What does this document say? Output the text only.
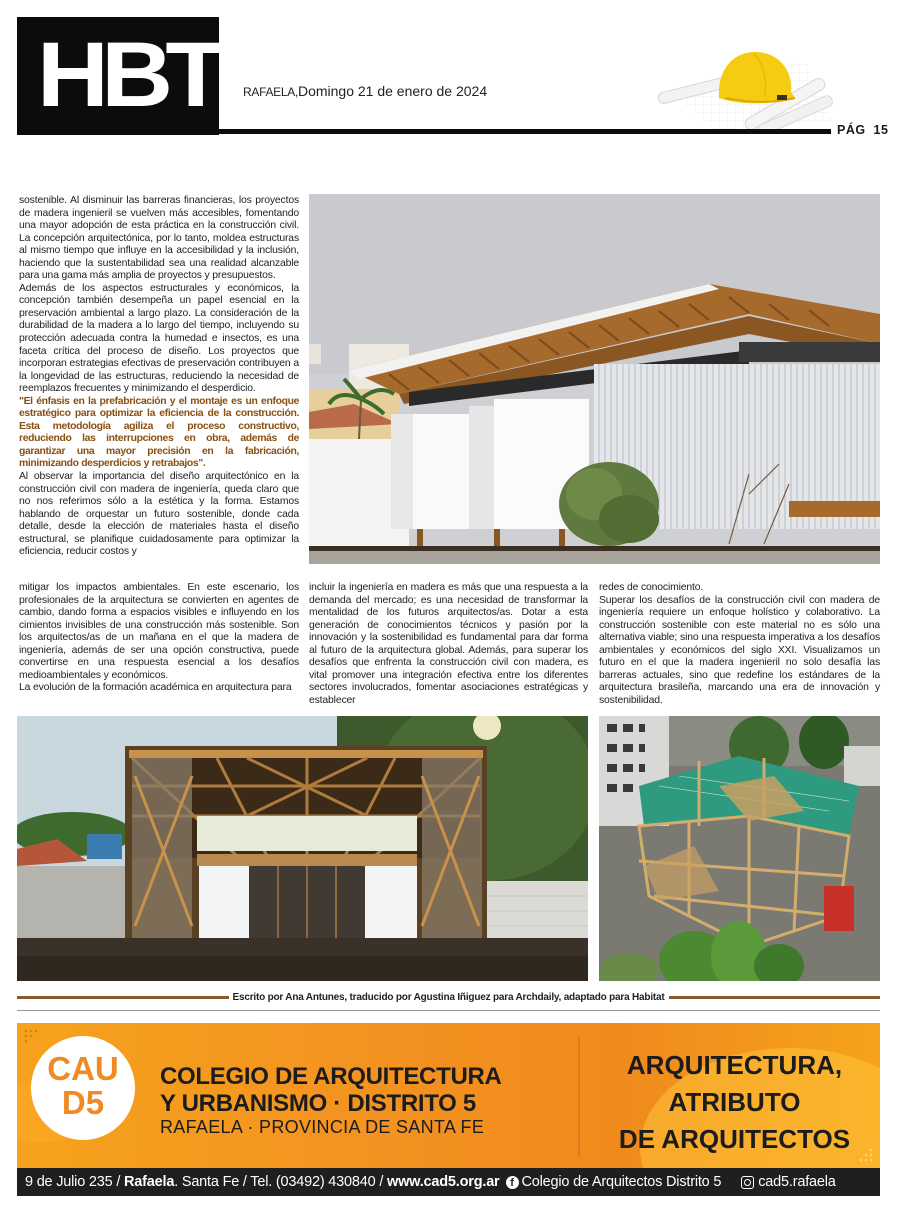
HBT RAFAELA,Domingo 21 de enero de 2024
PÁG 15

sostenible. Al disminuir las barreras financieras, los proyectos de madera ingenieril se vuelven más accesibles, fomentando una mayor adopción de esta práctica en la construcción civil. La concepción arquitectónica, por lo tanto, moldea estructuras al mismo tiempo que influye en la accesibilidad y la inclusión, haciendo que la sustentabilidad sea una realidad alcanzable para una gama más amplia de proyectos y presupuestos.

Además de los aspectos estructurales y económicos, la concepción también desempeña un papel esencial en la preservación ambiental a largo plazo. La consideración de la durabilidad de la madera a lo largo del tiempo, incluyendo su protección adecuada contra la humedad e insectos, es una faceta crítica del proceso de diseño. Los proyectos que incorporan estrategias efectivas de preservación contribuyen a la longevidad de las estructuras, reduciendo la necesidad de reemplazos frecuentes y minimizando el desperdicio.

"El énfasis en la prefabricación y el montaje es un enfoque estratégico para optimizar la eficiencia de la construcción. Esta metodología agiliza el proceso constructivo, reduciendo las interrupciones en obra, además de garantizar una mayor precisión en la fabricación, minimizando desperdicios y retrabajos".

Al observar la importancia del diseño arquitectónico en la construcción civil con madera de ingeniería, queda claro que no nos referimos sólo a la estética y la forma. Estamos hablando de orquestar un futuro sostenible, donde cada detalle, desde la elección de materiales hasta el diseño estructural, se planifique cuidadosamente para optimizar la eficiencia, reducir costos y

mitigar los impactos ambientales. En este escenario, los profesionales de la arquitectura se convierten en agentes de cambio, dando forma a espacios visibles e influyendo en los cimientos invisibles de una construcción más sostenible. Son los arquitectos/as de un mañana en el que la madera de ingeniería, además de ser una opción constructiva, puede convertirse en una respuesta esencial a los desafíos medioambientales y económicos.

La evolución de la formación académica en arquitectura para

incluir la ingeniería en madera es más que una respuesta a la demanda del mercado; es una necesidad de transformar la mentalidad de los futuros arquitectos/as. Dotar a esta generación de conocimientos técnicos y pasión por la innovación y la sostenibilidad es fundamental para dar forma al futuro de la arquitectura global. Además, para superar los desafíos que enfrenta la construcción civil con madera, es vital promover una integración efectiva entre los diferentes sectores involucrados, fomentar asociaciones estratégicas y establecer

redes de conocimiento.

Superar los desafíos de la construcción civil con madera de ingeniería requiere un enfoque holístico y colaborativo. La construcción sostenible con este material no es sólo una alternativa viable; sino una respuesta imperativa a los desafíos ambientales y económicos del siglo XXI. Visualizamos un futuro en el que la madera ingenieril no solo desafía las barreras actuales, sino que redefine los estándares de la arquitectura brasileña, marcando una era de innovación y sostenibilidad.

Escrito por Ana Antunes, traducido por Agustina Iñiguez para Archdaily, adaptado para Habitat
CAU
D5
COLEGIO DE ARQUITECTURA
Y URBANISMO · DISTRITO 5
RAFAELA · PROVINCIA DE SANTA FE
ARQUITECTURA,
ATRIBUTO
DE ARQUITECTOS
9 de Julio 235 /
Rafaela . Santa Fe / Tel. (03492) 430840 /
www.cad5.org.ar f Colegio de Arquitectos Distrito 5	cad5.rafaela
